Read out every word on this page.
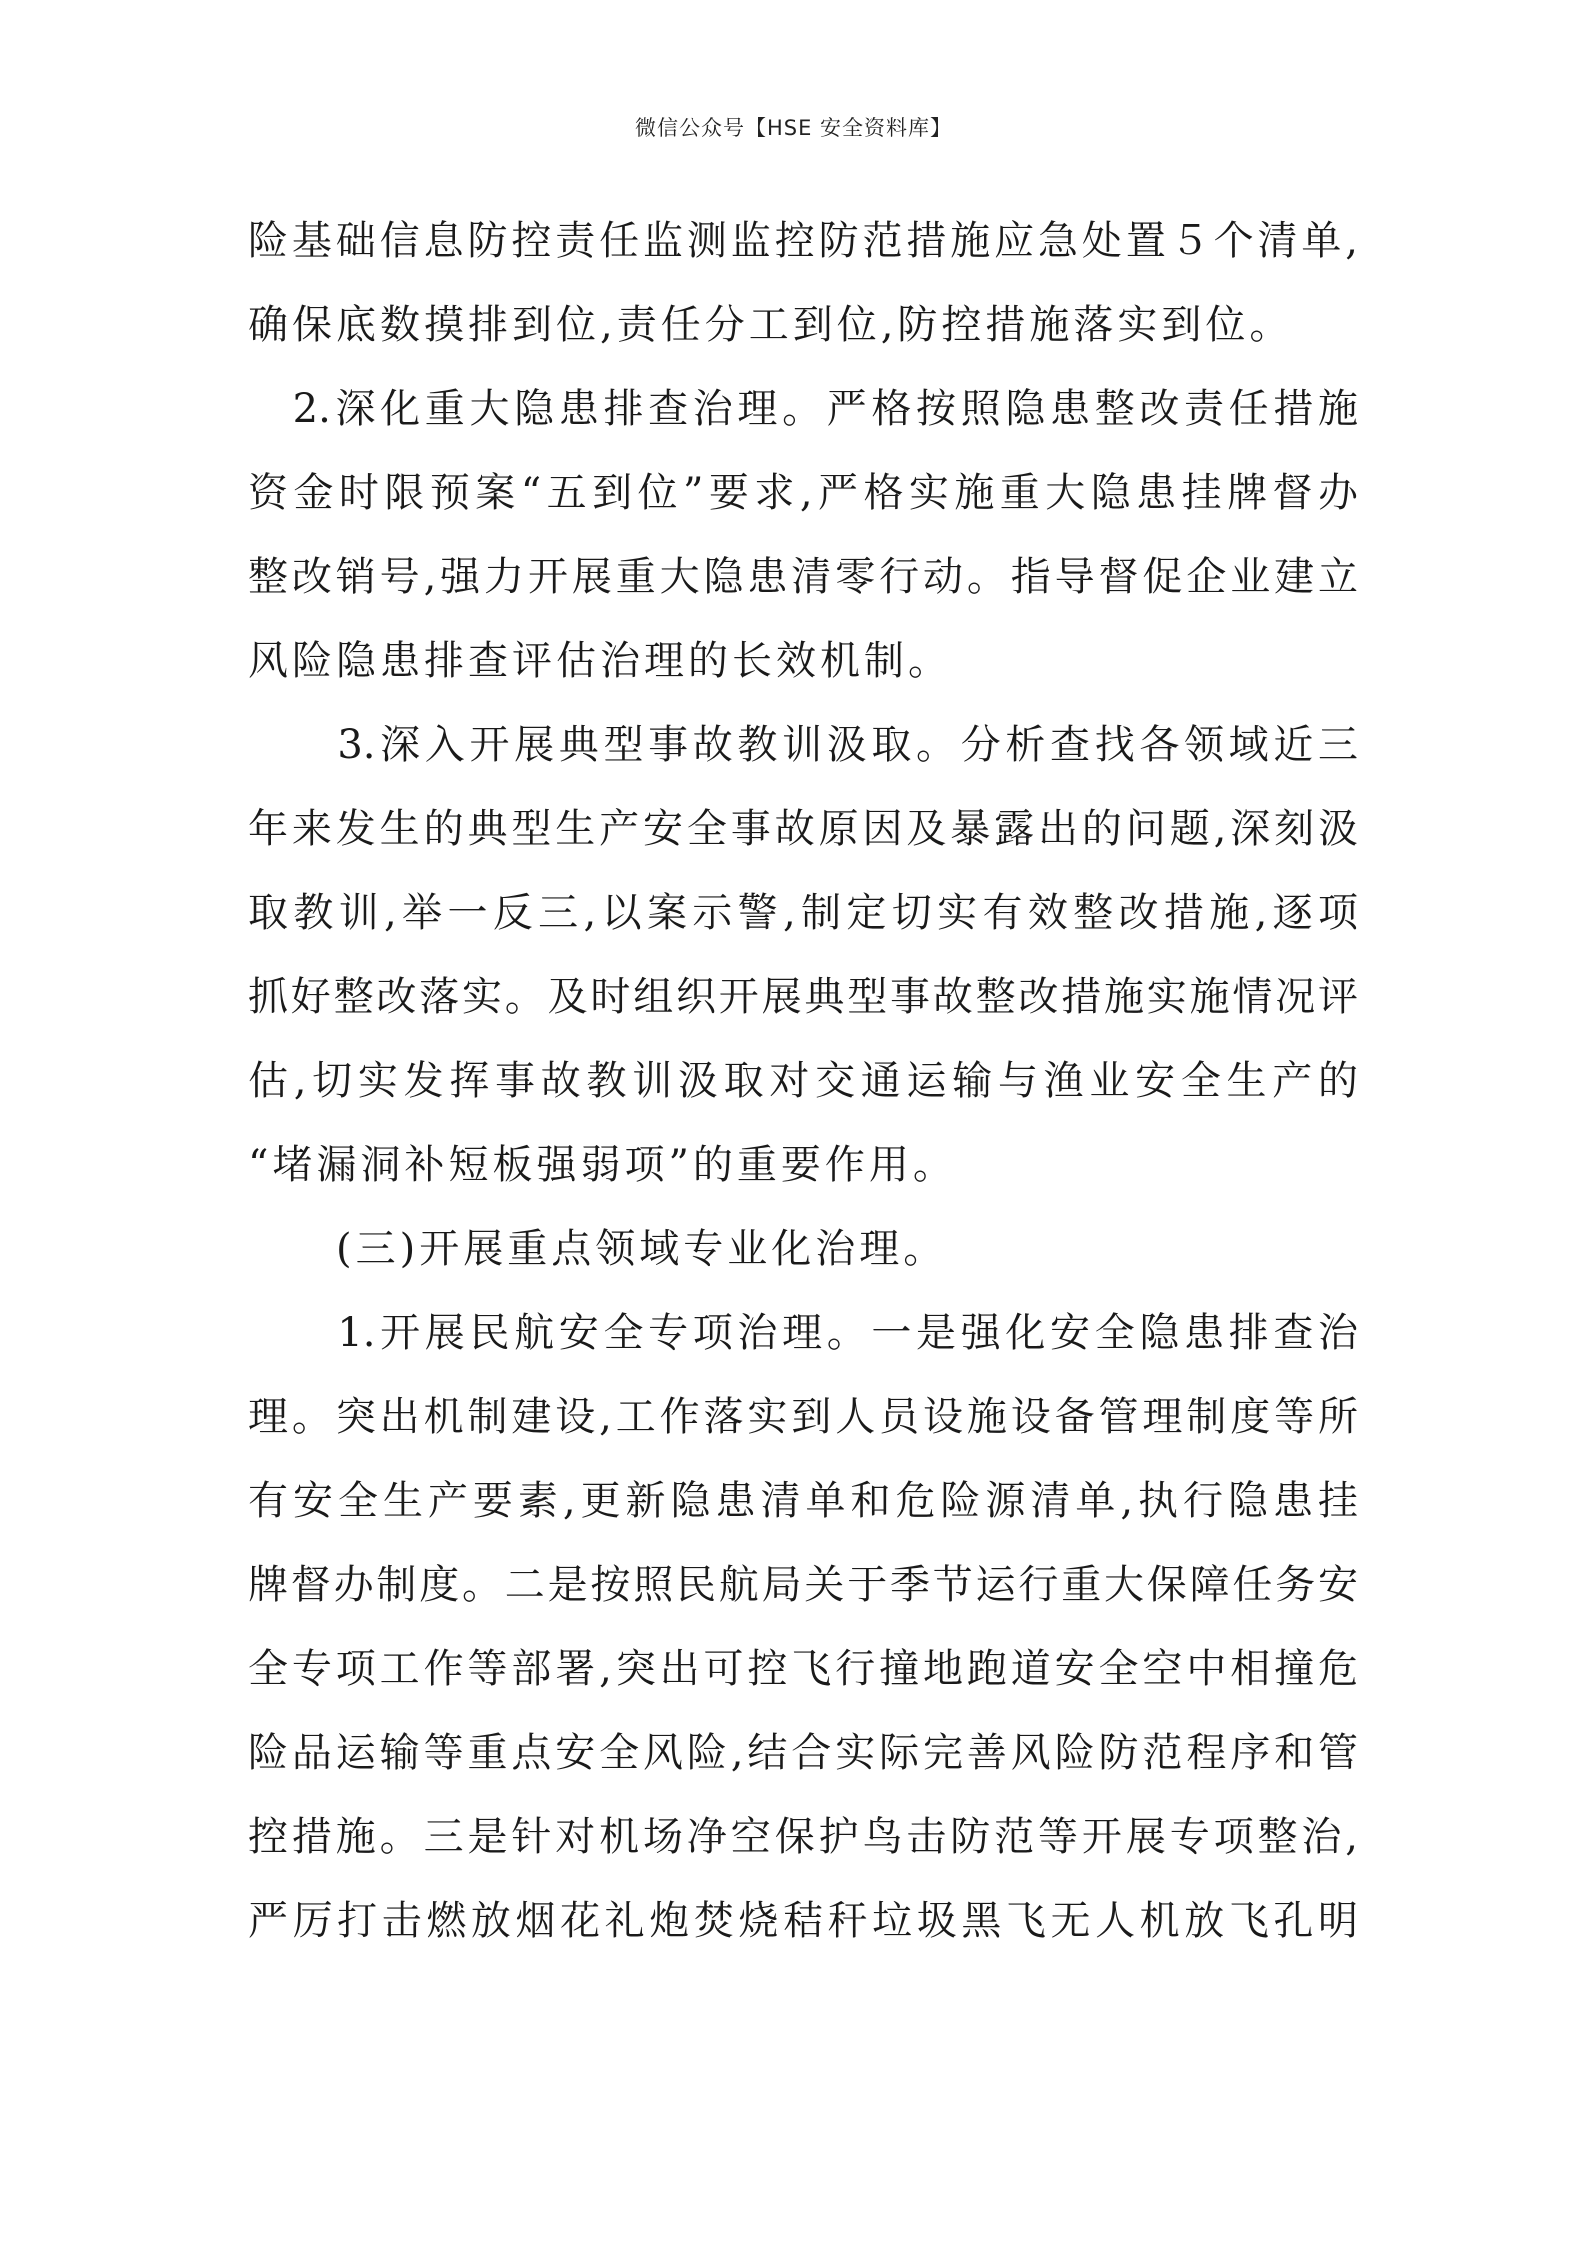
微信公众号【HSE 安全资料库】
险基础信息防控责任监测监控防范措施应急处置５个清单,
确保底数摸排到位,责任分工到位,防控措施落实到位。
　2.深化重大隐患排查治理。严格按照隐患整改责任措施
资金时限预案“五到位”要求,严格实施重大隐患挂牌督办
整改销号,强力开展重大隐患清零行动。指导督促企业建立
风险隐患排查评估治理的长效机制。
　　3.深入开展典型事故教训汲取。分析查找各领域近三
年来发生的典型生产安全事故原因及暴露出的问题,深刻汲
取教训,举一反三,以案示警,制定切实有效整改措施,逐项
抓好整改落实。及时组织开展典型事故整改措施实施情况评
估,切实发挥事故教训汲取对交通运输与渔业安全生产的
“堵漏洞补短板强弱项”的重要作用。
　　(三)开展重点领域专业化治理。
　　1.开展民航安全专项治理。一是强化安全隐患排查治
理。突出机制建设,工作落实到人员设施设备管理制度等所
有安全生产要素,更新隐患清单和危险源清单,执行隐患挂
牌督办制度。二是按照民航局关于季节运行重大保障任务安
全专项工作等部署,突出可控飞行撞地跑道安全空中相撞危
险品运输等重点安全风险,结合实际完善风险防范程序和管
控措施。三是针对机场净空保护鸟击防范等开展专项整治,
严厉打击燃放烟花礼炮焚烧秸秆垃圾黑飞无人机放飞孔明
